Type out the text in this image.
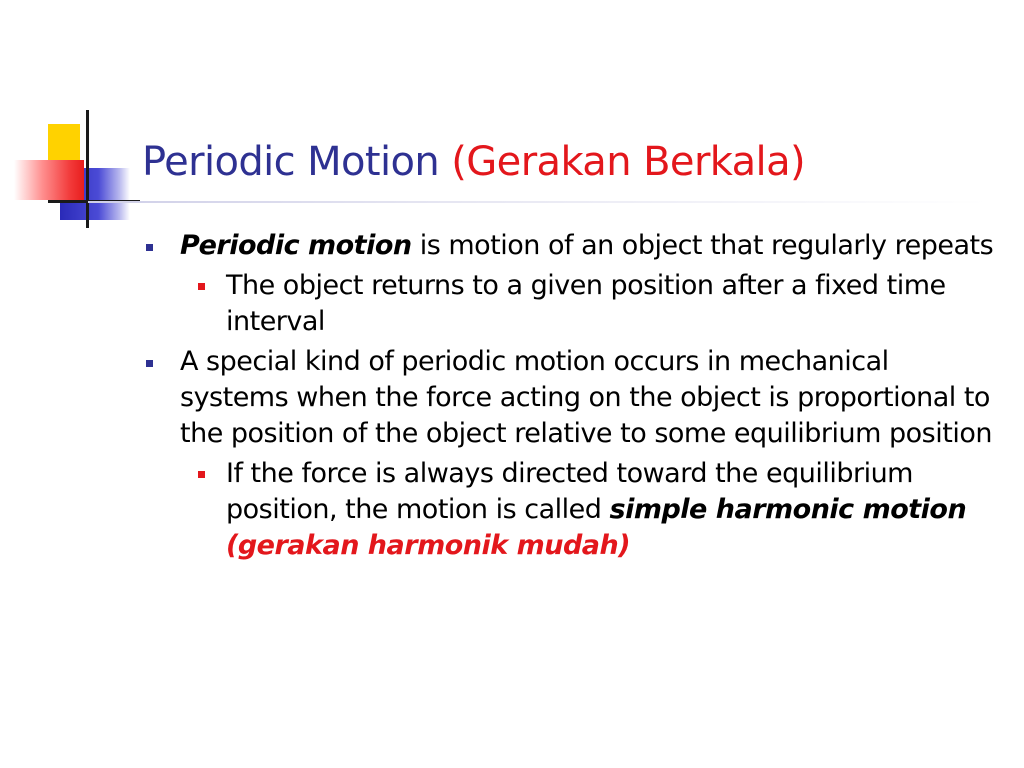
Periodic Motion (Gerakan Berkala)
Periodic motion is motion of an object that regularly repeats
The object returns to a given position after a fixed time interval
A special kind of periodic motion occurs in mechanical systems when the force acting on the object is proportional to the position of the object relative to some equilibrium position
If the force is always directed toward the equilibrium position, the motion is called simple harmonic motion (gerakan harmonik mudah)
